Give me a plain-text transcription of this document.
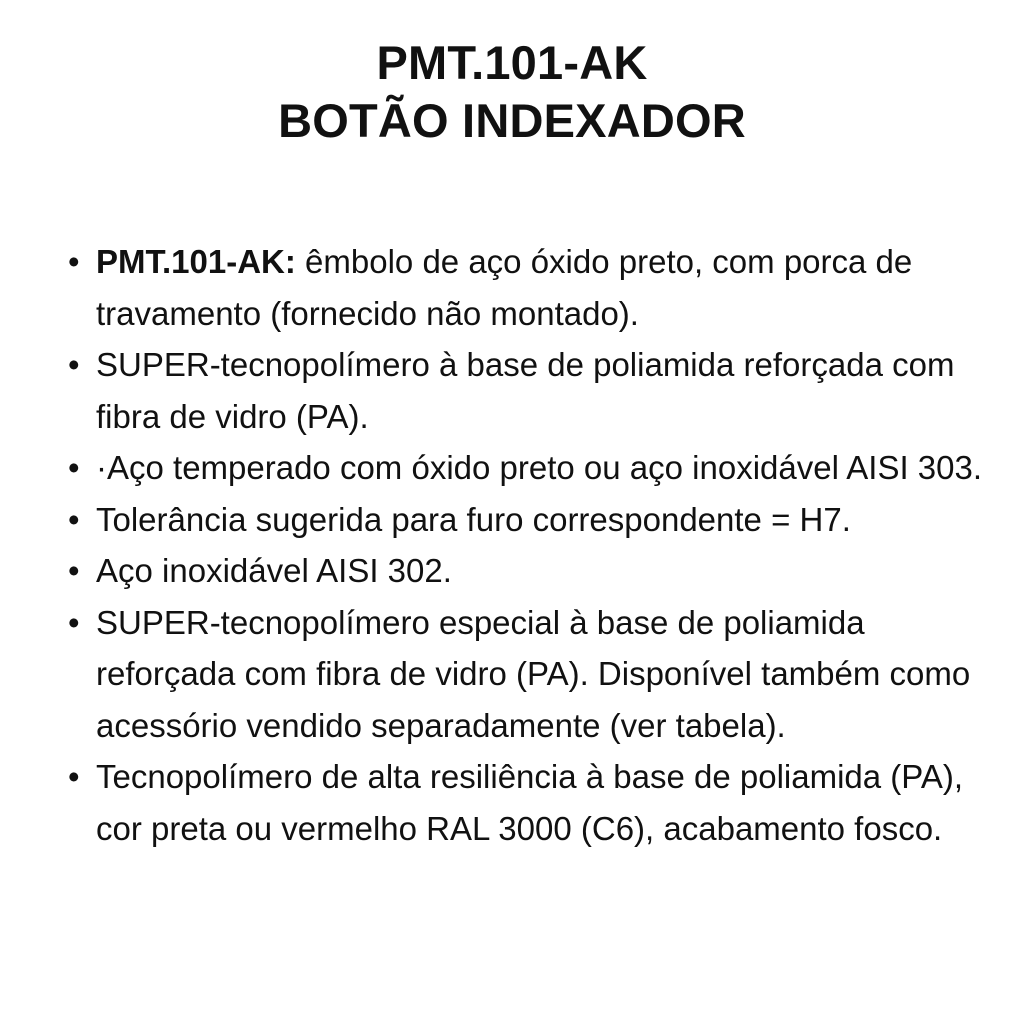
PMT.101-AK
BOTÃO INDEXADOR
• PMT.101-AK: êmbolo de aço óxido preto, com porca de travamento (fornecido não montado).
• SUPER-tecnopolímero à base de poliamida reforçada com fibra de vidro (PA).
• ·Aço temperado com óxido preto ou aço inoxidável AISI 303.
• Tolerância sugerida para furo correspondente = H7.
• Aço inoxidável AISI 302.
• SUPER-tecnopolímero especial à base de poliamida reforçada com fibra de vidro (PA). Disponível também como acessório vendido separadamente (ver tabela).
• Tecnopolímero de alta resiliência à base de poliamida (PA), cor preta ou vermelho RAL 3000 (C6), acabamento fosco.
